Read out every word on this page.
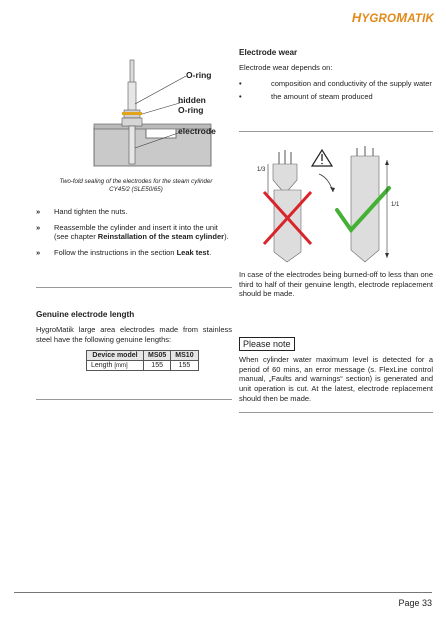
HYGROMATIK
O-ring
hidden
O-ring
electrode
Two-fold sealing of the electrodes for the steam cylinder
CY45/2 (SLE50/65)
»	Hand tighten the nuts.
»	Reassemble the cylinder and insert it into the unit (see chapter Reinstallation of the steam cylinder).
»	Follow the instructions in the section Leak test.
Genuine electrode length
HygroMatik large area electrodes made from stainless steel have the following genuine lengths:
Device model	MS05	MS10
Length [mm]	155	155
Electrode wear
Electrode wear depends on:
•	composition and conductivity of the supply water
•	the amount of steam produced
1/3
1/1
In case of the electrodes being burned-off to less than one third to half of their genuine length, electrode replacement should be made.
Please note
When cylinder water maximum level is detected for a period of 60 mins, an error message (s. FlexLine control manual, „Faults and warnings“ section) is generated and unit operation is cut. At the latest, electrode replacement should then be made.
Page 33
